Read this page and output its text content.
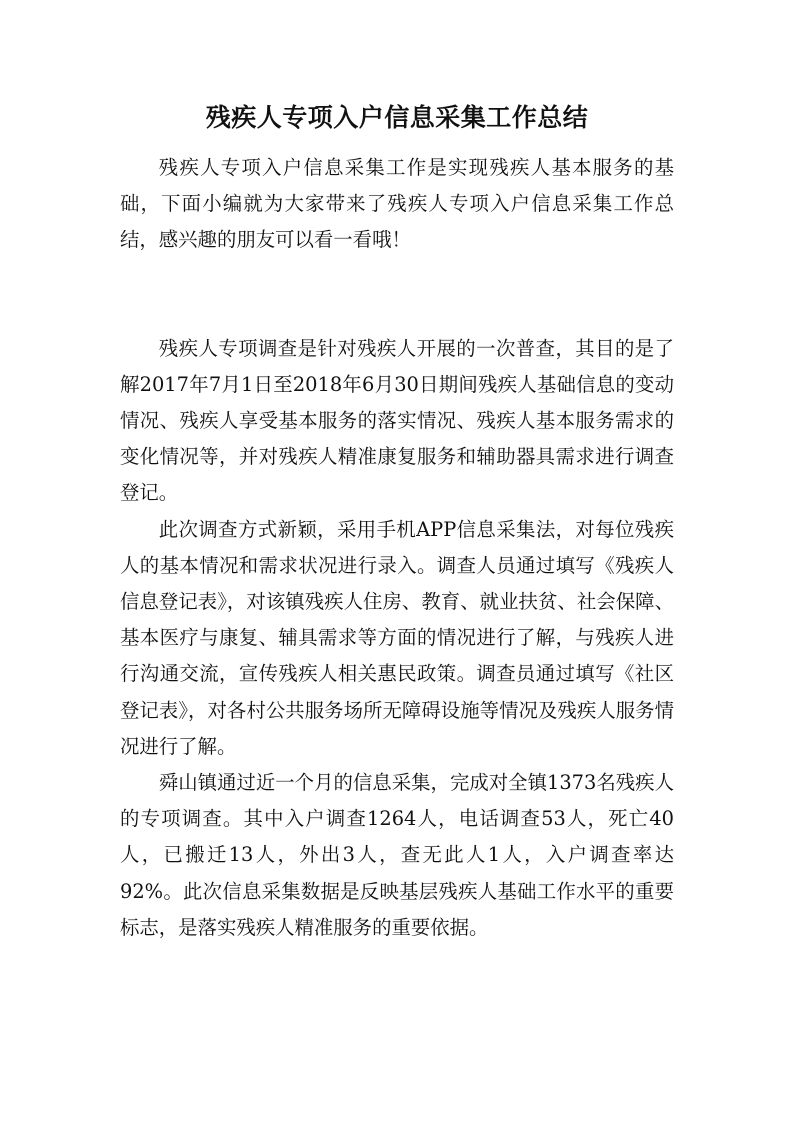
残疾人专项入户信息采集工作总结

残疾人专项入户信息采集工作是实现残疾人基本服务的基础，下面小编就为大家带来了残疾人专项入户信息采集工作总结，感兴趣的朋友可以看一看哦！

残疾人专项调查是针对残疾人开展的一次普查，其目的是了解2017年7月1日至2018年6月30日期间残疾人基础信息的变动情况、残疾人享受基本服务的落实情况、残疾人基本服务需求的变化情况等，并对残疾人精准康复服务和辅助器具需求进行调查登记。

此次调查方式新颖，采用手机APP信息采集法，对每位残疾人的基本情况和需求状况进行录入。调查人员通过填写《残疾人信息登记表》，对该镇残疾人住房、教育、就业扶贫、社会保障、基本医疗与康复、辅具需求等方面的情况进行了解，与残疾人进行沟通交流，宣传残疾人相关惠民政策。调查员通过填写《社区登记表》，对各村公共服务场所无障碍设施等情况及残疾人服务情况进行了解。

舜山镇通过近一个月的信息采集，完成对全镇1373名残疾人的专项调查。其中入户调查1264人，电话调查53人，死亡40人，已搬迁13人，外出3人，查无此人1人，入户调查率达92%。此次信息采集数据是反映基层残疾人基础工作水平的重要标志，是落实残疾人精准服务的重要依据。
